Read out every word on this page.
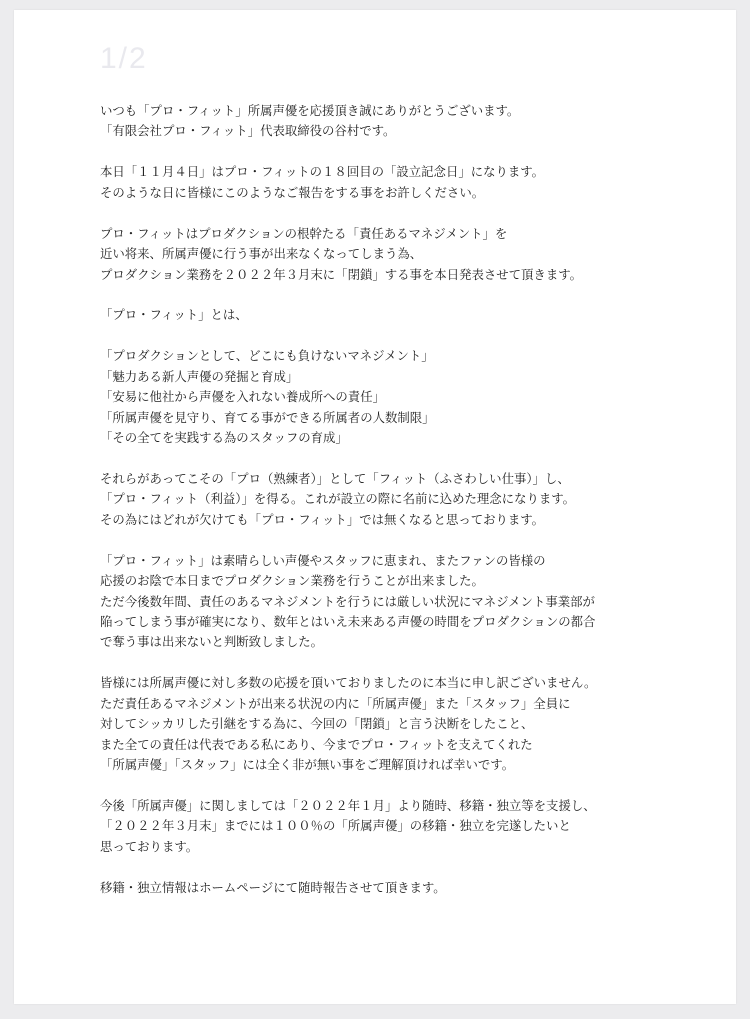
1/2
いつも「プロ・フィット」所属声優を応援頂き誠にありがとうございます。
「有限会社プロ・フィット」代表取締役の谷村です。
本日「１１月４日」はプロ・フィットの１８回目の「設立記念日」になります。
そのような日に皆様にこのようなご報告をする事をお許しください。
プロ・フィットはプロダクションの根幹たる「責任あるマネジメント」を
近い将来、所属声優に行う事が出来なくなってしまう為、
プロダクション業務を２０２２年３月末に「閉鎖」する事を本日発表させて頂きます。
「プロ・フィット」とは、
「プロダクションとして、どこにも負けないマネジメント」
「魅力ある新人声優の発掘と育成」
「安易に他社から声優を入れない養成所への責任」
「所属声優を見守り、育てる事ができる所属者の人数制限」
「その全てを実践する為のスタッフの育成」
それらがあってこその「プロ（熟練者）」として「フィット（ふさわしい仕事）」し、
「プロ・フィット（利益）」を得る。これが設立の際に名前に込めた理念になります。
その為にはどれが欠けても「プロ・フィット」では無くなると思っております。
「プロ・フィット」は素晴らしい声優やスタッフに恵まれ、またファンの皆様の
応援のお陰で本日までプロダクション業務を行うことが出来ました。
ただ今後数年間、責任のあるマネジメントを行うには厳しい状況にマネジメント事業部が
陥ってしまう事が確実になり、数年とはいえ未来ある声優の時間をプロダクションの都合
で奪う事は出来ないと判断致しました。
皆様には所属声優に対し多数の応援を頂いておりましたのに本当に申し訳ございません。
ただ責任あるマネジメントが出来る状況の内に「所属声優」また「スタッフ」全員に
対してシッカリした引継をする為に、今回の「閉鎖」と言う決断をしたこと、
また全ての責任は代表である私にあり、今までプロ・フィットを支えてくれた
「所属声優」「スタッフ」には全く非が無い事をご理解頂ければ幸いです。
今後「所属声優」に関しましては「２０２２年１月」より随時、移籍・独立等を支援し、
「２０２２年３月末」までには１００％の「所属声優」の移籍・独立を完遂したいと
思っております。
移籍・独立情報はホームページにて随時報告させて頂きます。
